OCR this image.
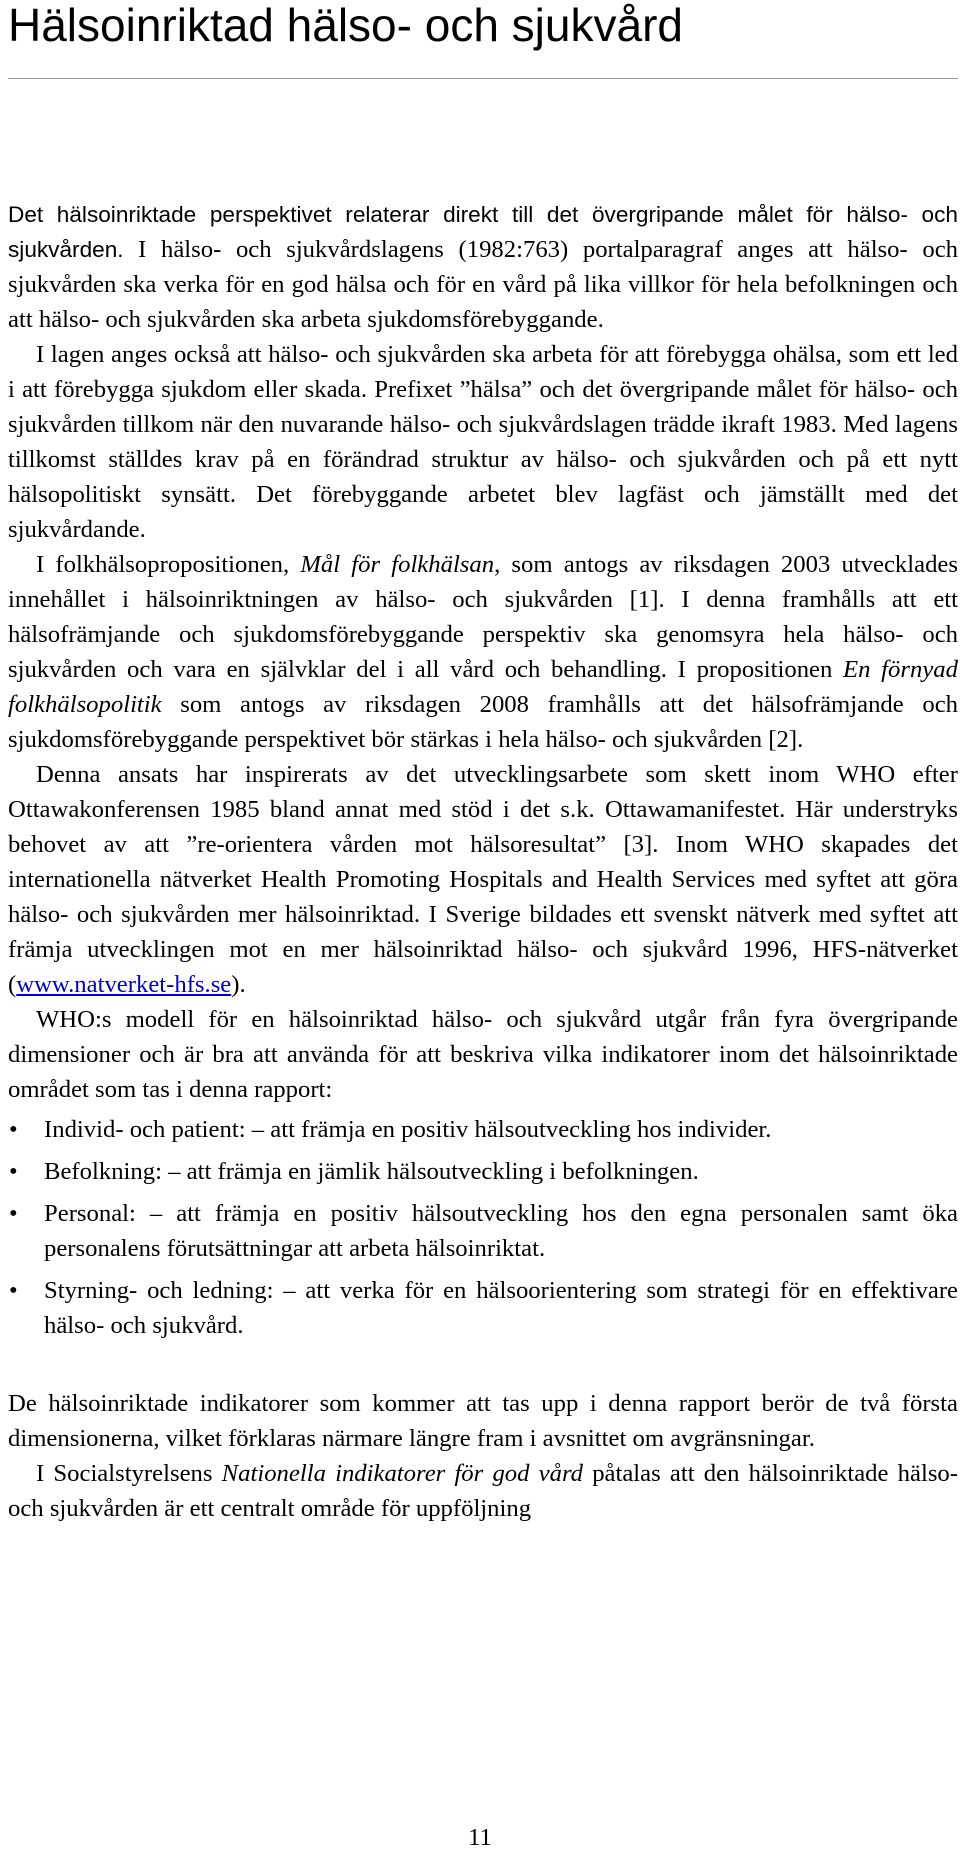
Hälsoinriktad hälso- och sjukvård

Det hälsoinriktade perspektivet relaterar direkt till det övergripande målet för hälso- och sjukvården. I hälso- och sjukvårdslagens (1982:763) portalparagraf anges att hälso- och sjukvården ska verka för en god hälsa och för en vård på lika villkor för hela befolkningen och att hälso- och sjukvården ska arbeta sjukdomsförebyggande.

I lagen anges också att hälso- och sjukvården ska arbeta för att förebygga ohälsa, som ett led i att förebygga sjukdom eller skada. Prefixet ”hälsa” och det övergripande målet för hälso- och sjukvården tillkom när den nuvarande hälso- och sjukvårdslagen trädde ikraft 1983. Med lagens tillkomst ställdes krav på en förändrad struktur av hälso- och sjukvården och på ett nytt hälsopolitiskt synsätt. Det förebyggande arbetet blev lagfäst och jämställt med det sjukvårdande.

I folkhälsopropositionen, Mål för folkhälsan, som antogs av riksdagen 2003 utvecklades innehållet i hälsoinriktningen av hälso- och sjukvården [1]. I denna framhålls att ett hälsofrämjande och sjukdomsförebyggande perspektiv ska genomsyra hela hälso- och sjukvården och vara en självklar del i all vård och behandling. I propositionen En förnyad folkhälsopolitik som antogs av riksdagen 2008 framhålls att det hälsofrämjande och sjukdomsförebyggande perspektivet bör stärkas i hela hälso- och sjukvården [2].

Denna ansats har inspirerats av det utvecklingsarbete som skett inom WHO efter Ottawakonferensen 1985 bland annat med stöd i det s.k. Ottawamanifestet. Här understryks behovet av att ”re-orientera vården mot hälsoresultat” [3]. Inom WHO skapades det internationella nätverket Health Promoting Hospitals and Health Services med syftet att göra hälso- och sjukvården mer hälsoinriktad. I Sverige bildades ett svenskt nätverk med syftet att främja utvecklingen mot en mer hälsoinriktad hälso- och sjukvård 1996, HFS-nätverket (www.natverket-hfs.se).

WHO:s modell för en hälsoinriktad hälso- och sjukvård utgår från fyra övergripande dimensioner och är bra att använda för att beskriva vilka indikatorer inom det hälsoinriktade området som tas i denna rapport:

• Individ- och patient: – att främja en positiv hälsoutveckling hos individer.
• Befolkning: – att främja en jämlik hälsoutveckling i befolkningen.
• Personal: – att främja en positiv hälsoutveckling hos den egna personalen samt öka personalens förutsättningar att arbeta hälsoinriktat.
• Styrning- och ledning: – att verka för en hälsoorientering som strategi för en effektivare hälso- och sjukvård.

De hälsoinriktade indikatorer som kommer att tas upp i denna rapport berör de två första dimensionerna, vilket förklaras närmare längre fram i avsnittet om avgränsningar.

I Socialstyrelsens Nationella indikatorer för god vård påtalas att den hälsoinriktade hälso- och sjukvården är ett centralt område för uppföljning

11
